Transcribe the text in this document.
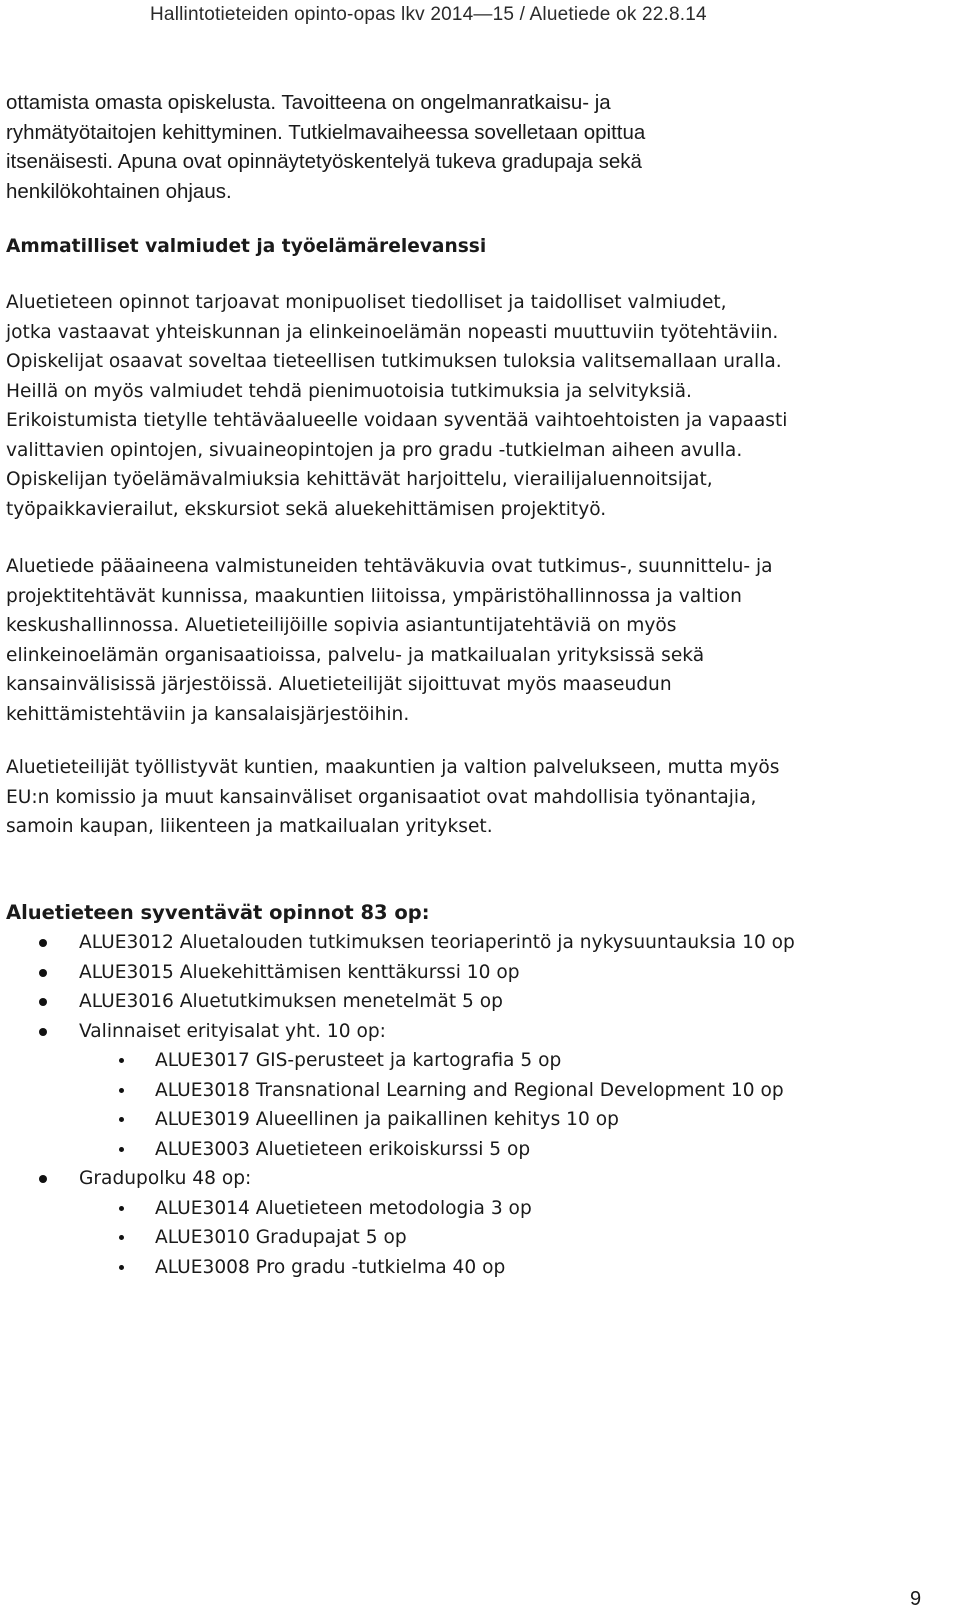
Hallintotieteiden opinto-opas lkv 2014—15 / Aluetiede ok 22.8.14

ottamista omasta opiskelusta. Tavoitteena on ongelmanratkaisu- ja
ryhmätyötaitojen kehittyminen. Tutkielmavaiheessa sovelletaan opittua
itsenäisesti. Apuna ovat opinnäytetyöskentelyä tukeva gradupaja sekä
henkilökohtainen ohjaus.

Ammatilliset valmiudet ja työelämärelevanssi

Aluetieteen opinnot tarjoavat monipuoliset tiedolliset ja taidolliset valmiudet,
jotka vastaavat yhteiskunnan ja elinkeinoelämän nopeasti muuttuviin työtehtäviin.
Opiskelijat osaavat soveltaa tieteellisen tutkimuksen tuloksia valitsemallaan uralla.
Heillä on myös valmiudet tehdä pienimuotoisia tutkimuksia ja selvityksiä.
Erikoistumista tietylle tehtäväalueelle voidaan syventää vaihtoehtoisten ja vapaasti
valittavien opintojen, sivuaineopintojen ja pro gradu -tutkielman aiheen avulla.
Opiskelijan työelämävalmiuksia kehittävät harjoittelu, vierailijaluennoitsijat,
työpaikkavierailut, ekskursiot sekä aluekehittämisen projektityö.

Aluetiede pääaineena valmistuneiden tehtäväkuvia ovat tutkimus-, suunnittelu- ja
projektitehtävät kunnissa, maakuntien liitoissa, ympäristöhallinnossa ja valtion
keskushallinnossa. Aluetieteilijöille sopivia asiantuntijatehtäviä on myös
elinkeinoelämän organisaatioissa, palvelu- ja matkailualan yrityksissä sekä
kansainvälisissä järjestöissä. Aluetieteilijät sijoittuvat myös maaseudun
kehittämistehtäviin ja kansalaisjärjestöihin.

Aluetieteilijät työllistyvät kuntien, maakuntien ja valtion palvelukseen, mutta myös
EU:n komissio ja muut kansainväliset organisaatiot ovat mahdollisia työnantajia,
samoin kaupan, liikenteen ja matkailualan yritykset.

Aluetieteen syventävät opinnot 83 op:
ALUE3012 Aluetalouden tutkimuksen teoriaperintö ja nykysuuntauksia 10 op
ALUE3015 Aluekehittämisen kenttäkurssi 10 op
ALUE3016 Aluetutkimuksen menetelmät 5 op
Valinnaiset erityisalat yht. 10 op:
ALUE3017 GIS-perusteet ja kartografia 5 op
ALUE3018 Transnational Learning and Regional Development 10 op
ALUE3019 Alueellinen ja paikallinen kehitys 10 op
ALUE3003 Aluetieteen erikoiskurssi 5 op
Gradupolku 48 op:
ALUE3014 Aluetieteen metodologia 3 op
ALUE3010 Gradupajat 5 op
ALUE3008 Pro gradu -tutkielma 40 op
9
